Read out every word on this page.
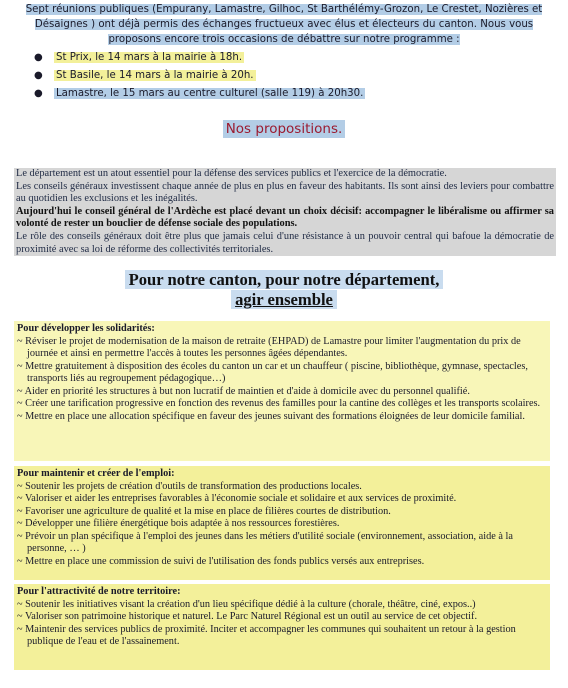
Sept réunions publiques (Empurany, Lamastre, Gilhoc, St Barthélémy-Grozon, Le Crestet, Nozières et Désaignes ) ont déjà permis des échanges fructueux avec élus et électeurs du canton. Nous vous proposons encore trois occasions de débattre sur notre programme :
● St Prix, le 14 mars à la mairie à 18h.
● St Basile, le 14 mars à la mairie à 20h.
● Lamastre, le 15 mars au centre culturel (salle 119) à 20h30.
Nos propositions.

Le département est un atout essentiel pour la défense des services publics et l'exercice de la démocratie.

Les conseils généraux investissent chaque année de plus en plus en faveur des habitants. Ils sont ainsi des leviers pour combattre au quotidien les exclusions et les inégalités.

Aujourd'hui le conseil général de l'Ardèche est placé devant un choix décisif: accompagner le libéralisme ou affirmer sa volonté de rester un bouclier de défense sociale des populations.

Le rôle des conseils généraux doit être plus que jamais celui d'une résistance à un pouvoir central qui bafoue la démocratie de proximité avec sa loi de réforme des collectivités territoriales.

Pour notre canton, pour notre département,
agir ensemble
Pour développer les solidarités:
~ Réviser le projet de modernisation de la maison de retraite (EHPAD) de Lamastre pour limiter l'augmentation du prix de journée et ainsi en permettre l'accès à toutes les personnes âgées dépendantes.
~ Mettre gratuitement à disposition des écoles du canton un car et un chauffeur ( piscine, bibliothèque, gymnase, spectacles, transports liés au regroupement pédagogique…)
~ Aider en priorité les structures à but non lucratif de maintien et d'aide à domicile avec du personnel qualifié.
~ Créer une tarification progressive en fonction des revenus des familles pour la cantine des collèges et les transports scolaires.
~ Mettre en place une allocation spécifique en faveur des jeunes suivant des formations éloignées de leur domicile familial.
Pour maintenir et créer de l'emploi:
~ Soutenir les projets de création d'outils de transformation des productions locales.
~ Valoriser et aider les entreprises favorables à l'économie sociale et solidaire et aux services de proximité.
~ Favoriser une agriculture de qualité et la mise en place de filières courtes de distribution.
~ Développer une filière énergétique bois adaptée à nos ressources forestières.
~ Prévoir un plan spécifique à l'emploi des jeunes dans les métiers d'utilité sociale (environnement, association, aide à la personne, … )
~ Mettre en place une commission de suivi de l'utilisation des fonds publics versés aux entreprises.
Pour l'attractivité de notre territoire:
~ Soutenir les initiatives visant la création d'un lieu spécifique dédié à la culture (chorale, théâtre, ciné, expos..)
~ Valoriser son patrimoine historique et naturel. Le Parc Naturel Régional est un outil au service de cet objectif.
~ Maintenir des services publics de proximité. Inciter et accompagner les communes qui souhaitent un retour à la gestion publique de l'eau et de l'assainement.
